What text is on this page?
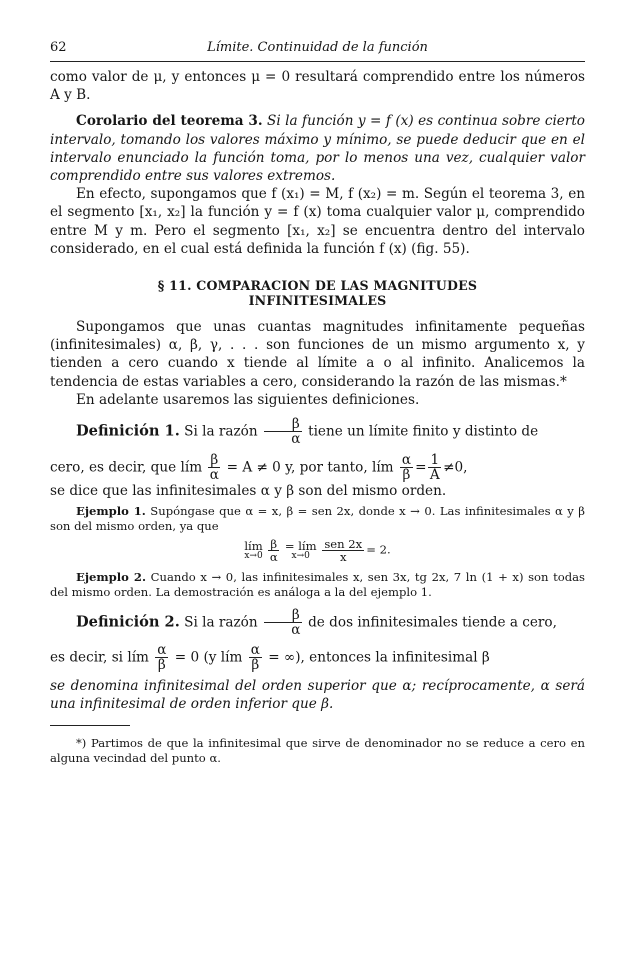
62	Límite. Continuidad de la función

como valor de μ, y entonces μ = 0 resultará comprendido entre los números A y B.

Corolario del teorema 3. Si la función y = f (x) es continua sobre cierto intervalo, tomando los valores máximo y mínimo, se puede deducir que en el intervalo enunciado la función toma, por lo menos una vez, cualquier valor comprendido entre sus valores extremos.

En efecto, supongamos que f (x₁) = M, f (x₂) = m. Según el teorema 3, en el segmento [x₁, x₂] la función y = f (x) toma cualquier valor μ, comprendido entre M y m. Pero el segmento [x₁, x₂] se encuentra dentro del intervalo considerado, en el cual está definida la función f (x) (fig. 55).

§ 11. COMPARACION DE LAS MAGNITUDES
INFINITESIMALES

Supongamos que unas cuantas magnitudes infinitamente pequeñas (infinitesimales) α, β, γ, . . . son funciones de un mismo argumento x, y tienden a cero cuando x tiende al límite a o al infinito. Analicemos la tendencia de estas variables a cero, considerando la razón de las mismas.*

En adelante usaremos las siguientes definiciones.

Definición 1. Si la razón $\frac{\beta}{\alpha}$ tiene un límite finito y distinto de

cero, es decir, que lím $\frac{\beta}{\alpha} = A \ne 0$ y, por tanto, lím $\frac{\alpha}{\beta} = \frac{1}{A} \ne 0$,

se dice que las infinitesimales α y β son del mismo orden.

Ejemplo 1. Supóngase que α = x, β = sen 2x, donde x → 0. Las infinitesimales α y β son del mismo orden, ya que

lím
x→0
$\frac{\beta}{\alpha}$ = lím
x→0
	$\frac{\text{sen 2x}}{x} = 2$.

Ejemplo 2. Cuando x → 0, las infinitesimales x, sen 3x, tg 2x, 7 ln (1 + x) son todas del mismo orden. La demostración es análoga a la del ejemplo 1.

Definición 2. Si la razón $\frac{\beta}{\alpha}$ de dos infinitesimales tiende a cero,

es decir, si lím $\frac{\alpha}{\beta} = 0$ (y lím $\frac{\alpha}{\beta}$ = ∞), entonces la infinitesimal β

se denomina infinitesimal del orden superior que α; recíprocamente, α será una infinitesimal de orden inferior que β.

*) Partimos de que la infinitesimal que sirve de denominador no se reduce a cero en alguna vecindad del punto α.
